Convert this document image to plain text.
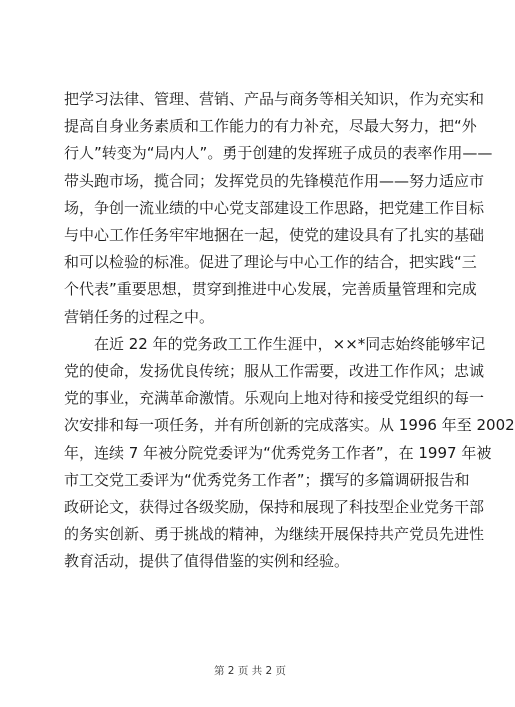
把学习法律、管理、营销、产品与商务等相关知识，作为充实和
提高自身业务素质和工作能力的有力补充，尽最大努力，把“外
行人”转变为“局内人”。勇于创建的发挥班子成员的表率作用——
带头跑市场，揽合同；发挥党员的先锋模范作用——努力适应市
场，争创一流业绩的中心党支部建设工作思路，把党建工作目标
与中心工作任务牢牢地捆在一起，使党的建设具有了扎实的基础
和可以检验的标准。促进了理论与中心工作的结合，把实践“三
个代表”重要思想，贯穿到推进中心发展，完善质量管理和完成
营销任务的过程之中。
在近 22 年的党务政工工作生涯中，××*同志始终能够牢记
党的使命，发扬优良传统；服从工作需要，改进工作作风；忠诚
党的事业，充满革命激情。乐观向上地对待和接受党组织的每一
次安排和每一项任务，并有所创新的完成落实。从 1996 年至 2002
年，连续 7 年被分院党委评为“优秀党务工作者”，在 1997 年被
市工交党工委评为“优秀党务工作者”；撰写的多篇调研报告和
政研论文，获得过各级奖励，保持和展现了科技型企业党务干部
的务实创新、勇于挑战的精神，为继续开展保持共产党员先进性
教育活动，提供了值得借鉴的实例和经验。
第 2 页 共 2 页
